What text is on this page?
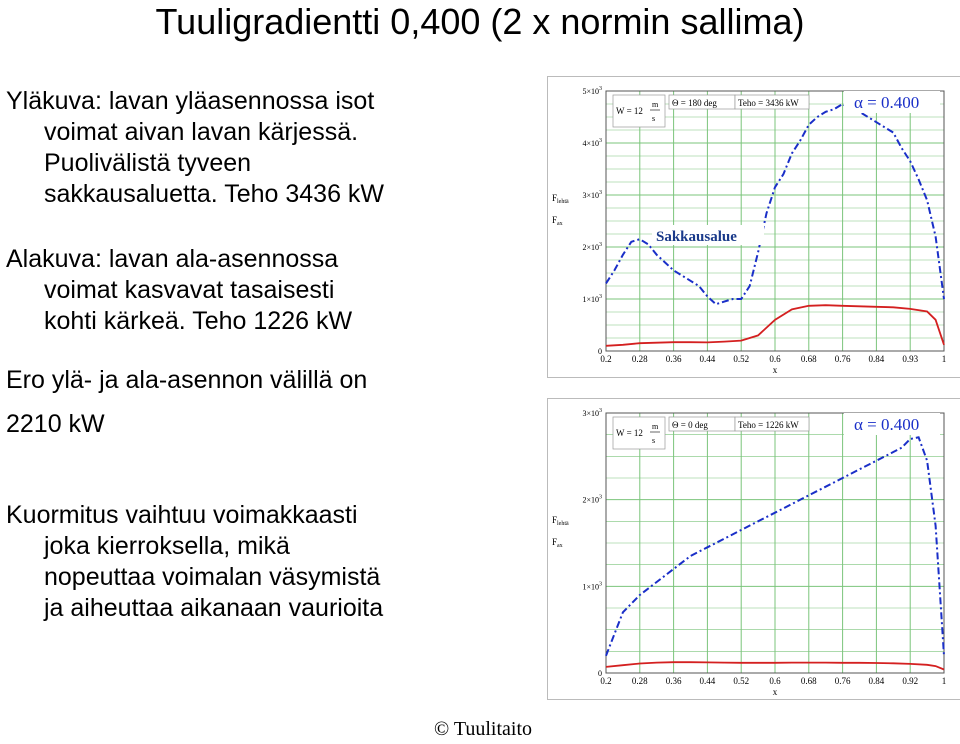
Tuuligradientti 0,400 (2 x normin sallima)
Yläkuva: lavan yläasennossa isot
voimat aivan lavan kärjessä.
Puolivälistä tyveen
sakkausaluetta. Teho 3436 kW
Alakuva: lavan ala-asennossa
voimat kasvavat tasaisesti
kohti kärkeä. Teho 1226 kW
Ero ylä- ja ala-asennon välillä on
2210 kW
Kuormitus vaihtuu voimakkaasti
joka kierroksella, mikä
nopeuttaa voimalan väsymistä
ja aiheuttaa aikanaan vaurioita
© Tuulitaito
0.2 0.28 0.36 0.44 0.52 0.6 0.68 0.76 0.84 0.93	1
0
$1\times 10^3$
$2\times 10^3$
$3\times 10^3$
$4\times 10^3$
$5\times 10^3$
x
$F_{lehtä}$
$F_{ax}$
W = 12
m
s
Θ = 180 deg Teho = 3436 kW	α = 0.400
Sakkausalue
0.2 0.28 0.36 0.44 0.52 0.6 0.68 0.76 0.84 0.92	1
0
$1\times 10^3$
$2\times 10^3$
$3\times 10^3$
x
$F_{lehtä}$
$F_{ax}$
W = 12
m
s
Θ = 0 deg	Teho = 1226 kW	α = 0.400
